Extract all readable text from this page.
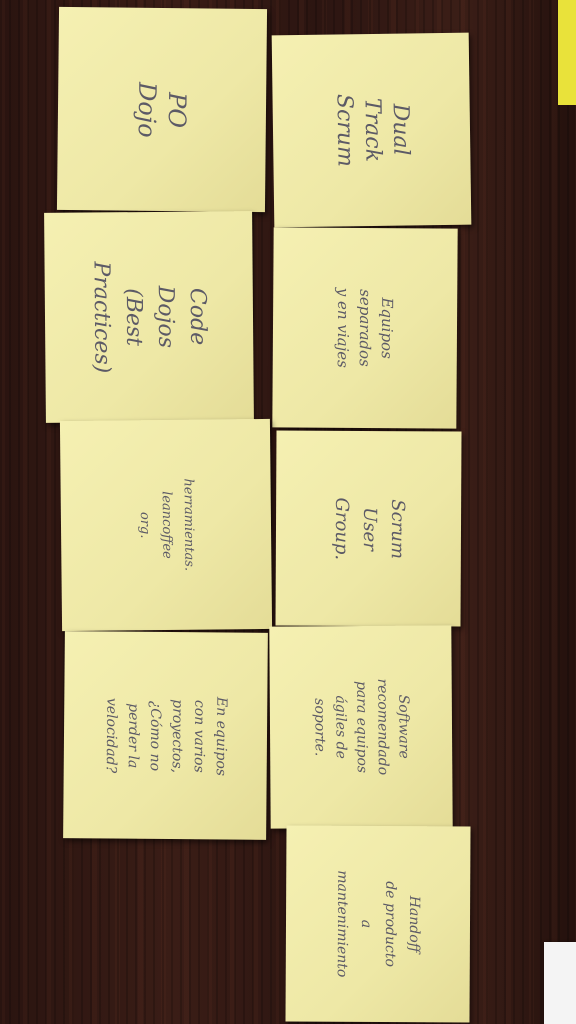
PO
Dojo	Dual
Track
Scrum
Code
Dojos
(Best Practices)	Equipos
separados
y en viajes
herramientas. leancoffee
org.	Scrum
User
Group.
En equipos
con varios
proyectos,
¿Cómo no
perder la velocidad?	Software
recomendado
para equipos
ágiles de
soporte.
Handoff
de producto
a mantenimiento
